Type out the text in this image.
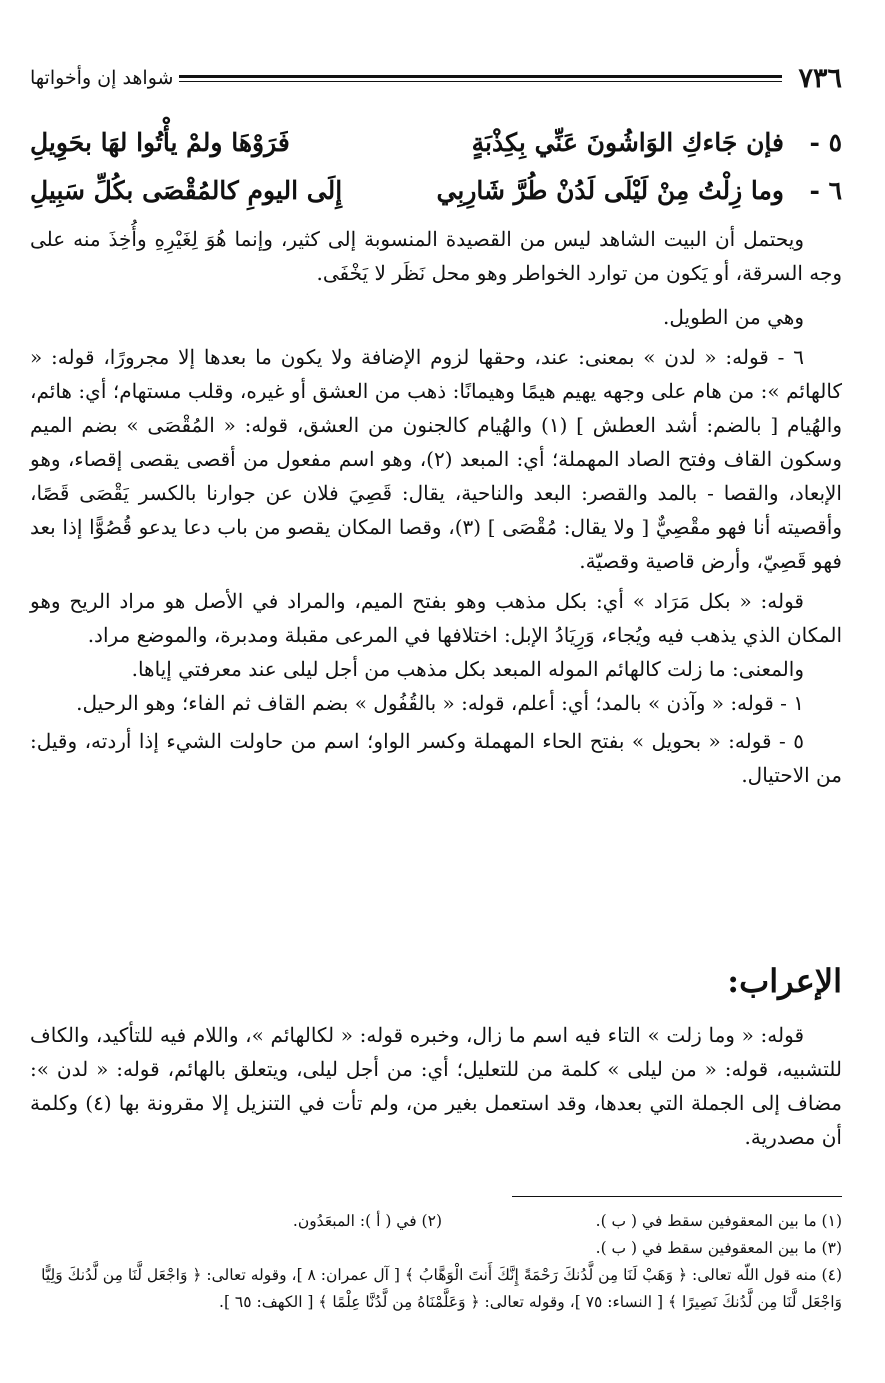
٧٣٦
شواهد إن وأخواتها
٥ -
فإن جَاءكِ الوَاشُونَ عَنِّي بِكِذْبَةٍ
فَرَوْهَا ولمْ يأْتُوا لهَا بحَوِيلِ
٦ -
وما زِلْتُ مِنْ لَيْلَى لَدُنْ طُرَّ شَارِبِي
إِلَى اليومِ كالمُقْصَى بكُلِّ سَبِيلِ

ويحتمل أن البيت الشاهد ليس من القصيدة المنسوبة إلى كثير، وإنما هُوَ لِغَيْرِهِ وأُخِذَ منه على وجه السرقة، أو يَكون من توارد الخواطر وهو محل نَظَر لا يَخْفَى.

وهي من الطويل.

٦ - قوله: « لدن » بمعنى: عند، وحقها لزوم الإضافة ولا يكون ما بعدها إلا مجرورًا، قوله: « كالهائم »: من هام على وجهه يهيم هيمًا وهيمانًا: ذهب من العشق أو غيره، وقلب مستهام؛ أي: هائم، والهُيام [ بالضم: أشد العطش ] (١) والهُيام كالجنون من العشق، قوله: « المُقْصَى » بضم الميم وسكون القاف وفتح الصاد المهملة؛ أي: المبعد (٢)، وهو اسم مفعول من أقصى يقصى إقصاء، وهو الإبعاد، والقصا - بالمد والقصر: البعد والناحية، يقال: قَصِيَ فلان عن جوارنا بالكسر يَقْصَى قَصًا، وأقصيته أنا فهو مقْصِيٌّ [ ولا يقال: مُقْصَى ] (٣)، وقصا المكان يقصو من باب دعا يدعو قُصُوًّا إذا بعد فهو قَصِيّ، وأرض قاصية وقصيّة.

قوله: « بكل مَرَاد » أي: بكل مذهب وهو بفتح الميم، والمراد في الأصل هو مراد الريح وهو المكان الذي يذهب فيه ويُجاء، وَرِيَادُ الإبل: اختلافها في المرعى مقبلة ومدبرة، والموضع مراد.

والمعنى: ما زلت كالهائم الموله المبعد بكل مذهب من أجل ليلى عند معرفتي إياها.

١ - قوله: « وآذن » بالمد؛ أي: أعلم، قوله: « بالقُفُول » بضم القاف ثم الفاء؛ وهو الرحيل.

٥ - قوله: « بحويل » بفتح الحاء المهملة وكسر الواو؛ اسم من حاولت الشيء إذا أردته، وقيل: من الاحتيال.

الإعراب:

قوله: « وما زلت » التاء فيه اسم ما زال، وخبره قوله: « لكالهائم »، واللام فيه للتأكيد، والكاف للتشبيه، قوله: « من ليلى » كلمة من للتعليل؛ أي: من أجل ليلى، ويتعلق بالهائم، قوله: « لدن »: مضاف إلى الجملة التي بعدها، وقد استعمل بغير من، ولم تأت في التنزيل إلا مقرونة بها (٤) وكلمة أن مصدرية.

(١) ما بين المعقوفين سقط في ( ب ).
(٢) في ( أ ): المبعَدُون.
(٣) ما بين المعقوفين سقط في ( ب ).
(٤) منه قول اللّه تعالى: ﴿ وَهَبْ لَنَا مِن لَّدُنكَ رَحْمَةً إِنَّكَ أَنتَ الْوَهَّابُ ﴾ [ آل عمران: ٨ ]، وقوله تعالى: ﴿ وَاجْعَل لَّنَا مِن لَّدُنكَ وَلِيًّا وَاجْعَل لَّنَا مِن لَّدُنكَ نَصِيرًا ﴾ [ النساء: ٧٥ ]، وقوله تعالى: ﴿ وَعَلَّمْنَاهُ مِن لَّدُنَّا عِلْمًا ﴾ [ الكهف: ٦٥ ].
